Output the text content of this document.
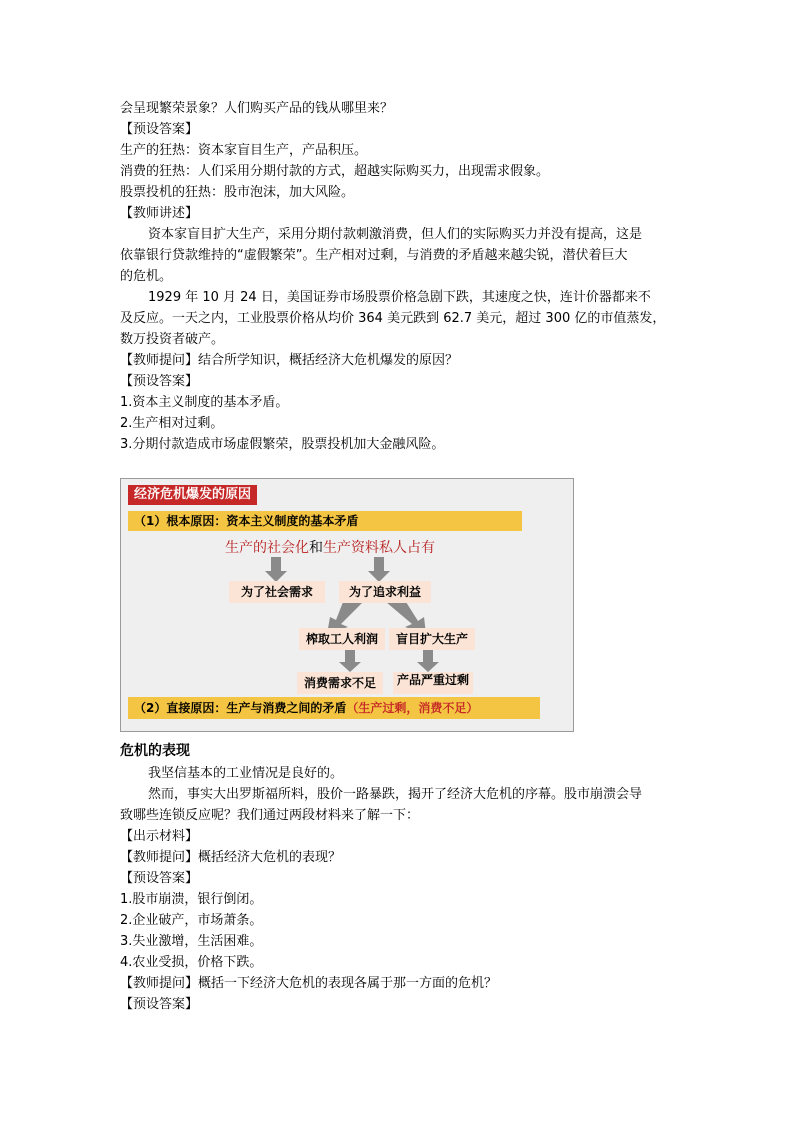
会呈现繁荣景象？人们购买产品的钱从哪里来？
【预设答案】
生产的狂热：资本家盲目生产，产品积压。
消费的狂热：人们采用分期付款的方式，超越实际购买力，出现需求假象。
股票投机的狂热：股市泡沫，加大风险。
【教师讲述】
资本家盲目扩大生产，采用分期付款刺激消费，但人们的实际购买力并没有提高，这是
依靠银行贷款维持的“虚假繁荣”。生产相对过剩，与消费的矛盾越来越尖锐，潜伏着巨大
的危机。
1929 年 10 月 24 日，美国证券市场股票价格急剧下跌，其速度之快，连计价器都来不
及反应。一天之内，工业股票价格从均价 364 美元跌到 62.7 美元，超过 300 亿的市值蒸发，
数万投资者破产。
【教师提问】结合所学知识，概括经济大危机爆发的原因？
【预设答案】
1.资本主义制度的基本矛盾。
2.生产相对过剩。
3.分期付款造成市场虚假繁荣，股票投机加大金融风险。
经济危机爆发的原因
（1）根本原因：资本主义制度的基本矛盾
生产的社会化和生产资料私人占有
为了社会需求	为了追求利益
榨取工人利润	盲目扩大生产
消费需求不足	产品严重过剩
（2）直接原因：生产与消费之间的矛盾（生产过剩，消费不足）
危机的表现
我坚信基本的工业情况是良好的。
然而，事实大出罗斯福所料，股价一路暴跌，揭开了经济大危机的序幕。股市崩溃会导
致哪些连锁反应呢？我们通过两段材料来了解一下：
【出示材料】
【教师提问】概括经济大危机的表现？
【预设答案】
1.股市崩溃，银行倒闭。
2.企业破产，市场萧条。
3.失业激增，生活困难。
4.农业受损，价格下跌。
【教师提问】概括一下经济大危机的表现各属于那一方面的危机？
【预设答案】
